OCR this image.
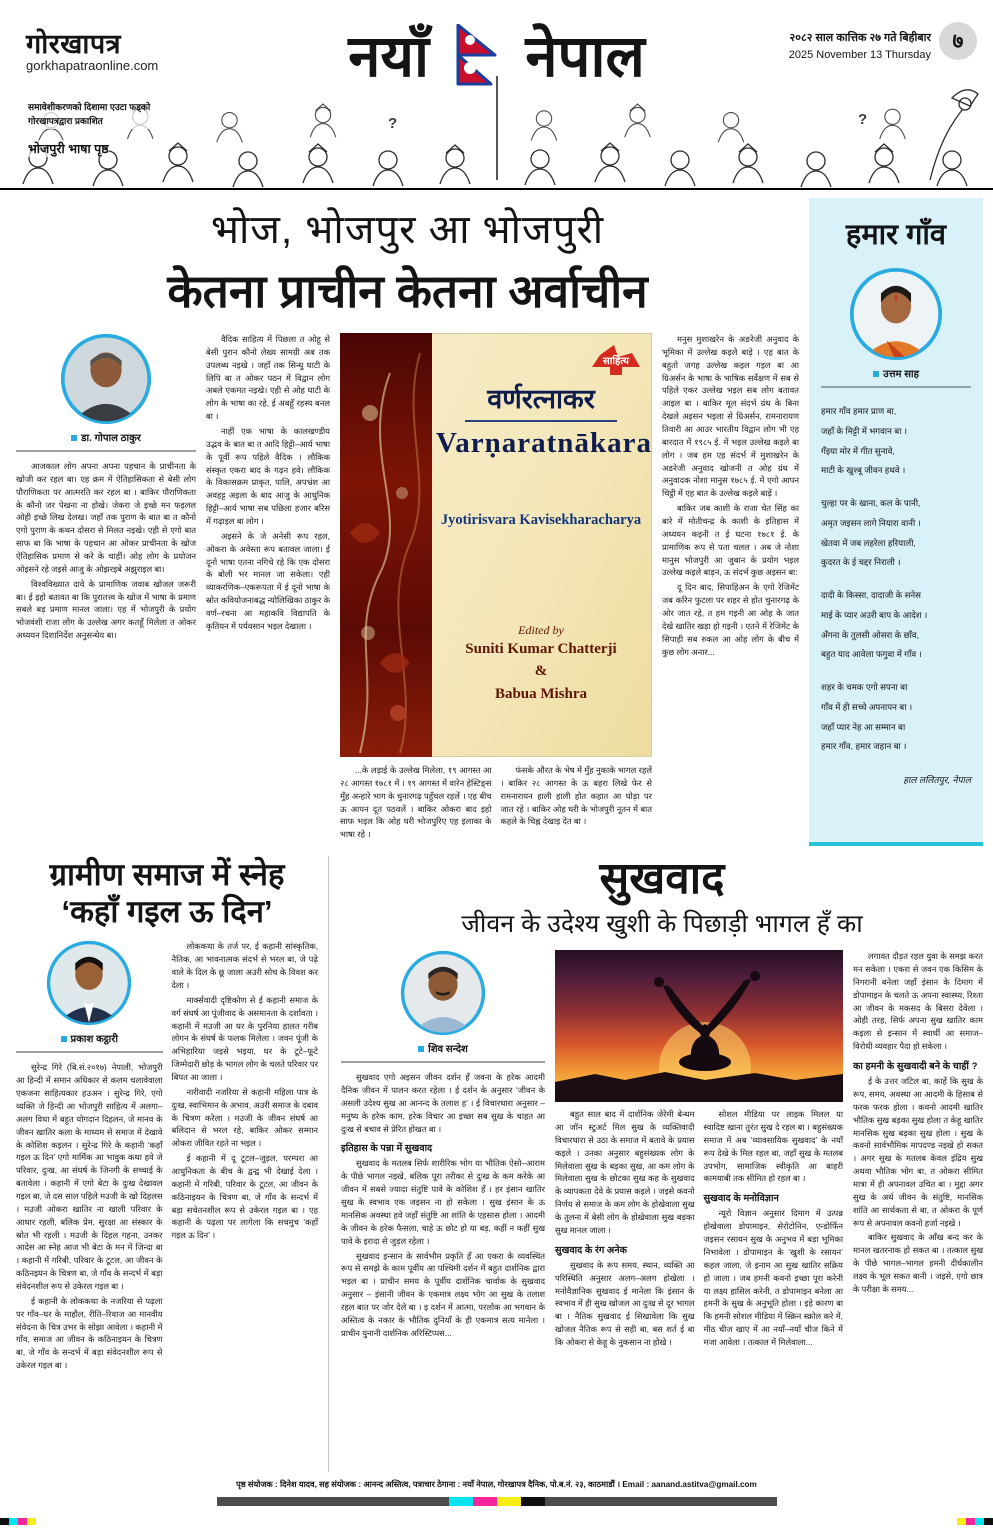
गोरखापत्र
gorkhapatraonline.com
समावेशीकरणको दिशामा एउटा फड्को
गोरखापत्रद्वारा प्रकाशित
भोजपुरी भाषा पृष्ठ
नयाँ नेपाल	२०८२ साल कात्तिक २७ गते बिहीबार
2025 November 13 Thursday
७
?	?
भोज, भोजपुर आ भोजपुरी
केतना प्राचीन केतना अर्वाचीन
डा. गोपाल ठाकुर

आजकाल लोग अपना अपना पहचान के प्राचीनता के खोजी कर रहल बा। एह क्रम में ऐतिहासिकता से बेसी लोग पौराणिकता पर आत्मरति कर रहल बा । बाकिर पौराणिकता के कौनो जर पेखना ना होखे। जेकरा जे इच्छे मन फइलल ओही इच्छे लिख देलख। जहाँ तक पुराण के बात बा त कौनो एगो पुराण के कथन दोसरा से मिलत नइखे। एही से एगो बात साफ बा कि भाषा के पहचान आ ओकर प्राचीनता के खोज ऐतिहासिक प्रमाण से करे के चाहीं। ओह लोग के प्रयोजन ओइसने रहे जइसे आजु के ओझरइबे अझुराइल बा।

विश्वविख्यात दावे के प्रामाणिक जवाब खोजल जरूरी बा। ई इहो बतावत बा कि पुरातत्त्व के खोज में भाषा के प्रमाण सबले बड़ प्रमाण मानल जाला। एह में भोजपुरी के प्रयोग भोजवंशी राजा लोग के उल्लेख अगर कतहूँ मिलेला त ओकर अध्ययन दिशानिर्देश अनुसन्धेय बा।

वैदिक साहित्य में पिछला त ओहू से बेसी पुरान कौनो लेख्य सामग्री अब तक उपलब्ध नइखे । जहाँ तक सिन्धु घाटी के लिपि बा त ओकर पठन में विद्वान लोग अबले एकमत नइखे। एही से ओह घाटी के लोग के भाषा का रहे, ई अबहूँ रहस्य बनल बा ।

नाहीं एक भाषा के कालखण्डीय उद्भव के बात बा त आदि हिट्टी–आर्य भाषा के पूर्वी रूप पहिले वैदिक । लौकिक संस्कृत एकरा बाद के गढ़न हवे। लौकिक के विकासक्रम प्राकृत, पालि, अपभ्रंश आ अवहट्ट अइला के बाद आजु के आधुनिक हिट्टी–आर्य भाषा सब पछिला हजार बरिस में गढ़ाइल बा लोग ।

अइसने के जे अनेसी रूप रहल, ओकरा के अवेस्ता रूप बतावल जाला। ई दूनो भाषा एतना नगिचे रहे कि एक दोसरा के बोली भर मानल जा सकेला। एही व्याकरणिक–एकरूपता में ई दूनो भाषा के स्रोत कवियोजनाबद्ध न्योलिखिका ठाकुर के वर्ण–रचना आ महाकवि विद्यापति के कृतियन में पर्यवसान भइल देखाला ।

साहित्य
वर्णरत्नाकर
Varṇaratnākara
Jyotirisvara Kavisekharacharya
Edited by
Suniti Kumar Chatterji
&
Babua Mishra

...के लड़ाई के उल्लेख मिलेला, १९ आगस्त आ २८ आगस्त १७८१ में । १९ आगस्त में वारेन हेस्टिङ्स मुँह अन्हारे भाग के चुनारगढ़ पहुँचल रहलें । एह बीच ऊ आपन दूत पठवलें । बाकिर ओकरा बाद इहो साफ भइल कि ओह घरी भोजपुरिए एह इलाका के भाषा रहे ।

फंसके औरत के भेष में मुँह नुकाके भागल रहलें । बाकिर २८ आगस्त के ऊ बहरा लिखे फेर से रामनारायन हाली हाली होत कहात आ घोड़ा पर जात रहे । बाकिर ओह घरी के भोजपुरी नूतन में बात कहले के चिह्न देखाइ देत बा ।

मनुस मुशाखरेन के अङरेजी अनुवाद के भूमिका में उल्लेख कइले बाड़े । एह बात के बहुतो जगह उल्लेख कइल गइल बा आ ग्रिअर्सन के भाषा के भाषिक सर्वेक्षण में सब से पहिले एकर उल्लेख भइल सब लोग बतावत आइल बा । बाकिर मूल संदर्भ ग्रंथ के बिना देखले अइसन भइला से ग्रिअर्सन, रामनारायण तिवारी आ आउर भारतीय विद्वान लोग भी एह बारदात में १९८५ ई. में भइल उल्लेख कइले बा लोग । जब हम एह संदर्भ में मुशाखरेन के अङरेजी अनुवाद खोजनी त ओह ग्रंथ में अनुवादक नोशा मानुस १७८५ ई. में एगो आपन चिट्ठी में एह बात के उल्लेख कइले बाड़ें ।

बाकिर जब काशी के राजा चेत सिंह का बारे में मोतीचन्द्र के काशी के इतिहास में अध्ययन कइनी त ई घटना १७८१ ई. के प्रामाणिक रूप से पता चलल । अब जे नोशा मानुस भोजपुरी आ जुबान के प्रयोग भइल उल्लेख कइले बाड़न, ऊ संदर्भ कुछ अइसन बा:

दू दिन बाद, सिपाहिअन के एगो रेजिमेंट जब करिन फुटला पर शहर से होत चुनारगढ़ के ओर जात रहे, त हम गइनी आ ओह के जात देखे खातिर खड़ा हो गइनी । एतने में रेजिमेंट के सिपाही सब रुकल आ ओह लोग के बीच में कुछ लोग अनार...

हमार गाँव
उत्तम साह
हमार गाँव हमार प्राण बा,
जहाँ के मिट्टी में भगवान बा ।
गँइया मोर में गीत सुनावे,
माटी के खुश्बू जीवन हथवे ।
चुल्हा पर के खाना, कल के पानी,
अमृत जइसन लागे नियारा वानी ।
खेतवा में जब लहरेला हरियाली,
कुदरत के ई चद्दर निराली ।
दादी के किस्सा, दादाजी के सनेस
माई के प्यार अउरी बाप के आदेश ।
अँगना के तुलसी ओसरा के छाँव,
बहुत याद आवेला फगुवा में गाँव ।
शहर के चमक एगो सपना बा
गाँव में ही सच्चे अपनापन बा ।
जहाँ प्यार नेह आ सम्मान बा
हमार गाँव, हमार जहान बा ।
हाल ललितपुर, नेपाल
ग्रामीण समाज में स्नेह
‘कहाँ गइल ऊ दिन’
प्रकाश कट्ठारी

सुरेन्द्र गिरे (बि.सं.२०१७) नेपाली, भोजपुरी आ हिन्दी में समान अधिकार से कलम चलावेवाला एकजना साहित्यकार हउअन । सुरेन्द्र गिरे, एगो व्यक्ति जे हिन्दी आ भोजपुरी साहित्य में अलगा–अलग विधा में बहुत योगदान दिहलन, जे मानव के जीवन खातिर कला के माध्यम से समाज में देखावे के कोशिश कइलन । सुरेन्द्र गिरे के कहानी ‘कहाँ गइल ऊ दिन’ एगो मार्मिक आ भावुक कथा हवे जे परिवार, दुःख, आ संघर्ष के जिनगी के सच्चाई के बतावेला । कहानी में एगो बेटा के दुःख देखावल गइल बा, जे दस साल पहिले मउजी के खो दिहलस । मउजी ओकरा खातिर ना खाली परिवार के आधार रहली, बलिक प्रेम, सुरक्षा आ संस्कार के स्रोत भी रहली । मउजी के दिहल गहना, उनकर आदेस आ स्नेह आज भी बेटा के मन में जिन्दा बा । कहानी में गरिबी, परिवार के टूटल, आ जीवन के कठिनइयन के चित्रण बा, जे गाँव के सन्दर्भ में बड़ा संवेदनशील रूप से उकेरल गइल बा ।

ई कहानी के लोककथा के नजरिया से पढ़ला पर गाँव–घर के माहौल, रीति–रिवाज आ मानवीय संवेदना के चित्र उभर के सोझा आवेला । कहानी में गाँव, समाज आ जीवन के कठिनाइयन के चित्रण बा, जे गाँव के सन्दर्भ में बड़ा संवेदनशील रूप से उकेरल गइल बा ।

लोककथा के तर्ज पर, ई कहानी सांस्कृतिक, नैतिक, आ भावनात्मक संदर्भ से भरल बा, जे पढ़े वाले के दिल के छू जाला अउरी सोच के विवश कर देला ।

मार्क्सवादी दृष्टिकोण से ई कहानी समाज के वर्ग संघर्ष आ पूंजीवाद के असमानता के दर्शावता । कहानी में मउजी आ घर के पुरनिया हालत गरीब लोगन के संघर्ष के फलक मिलेला । जवन पूंजी के अभिहारिया जइसे भइया, घर के टूटे–फूटे जिम्मेदारी छोड़ के भागल लोग के चलते परिवार पर बिपत आ जाला ।

नारीवादी नजरिया से कहानी महिला पात्र के दुःख, स्वाभिमान के अभाव, अउरी समाज के दबाव के चित्रण करेला । मउजी के जीवन संघर्ष आ बलिदान से भरल रहे, बाकिर ओकर सम्मान ओकरा जीवित रहते ना भइल ।

ई कहानी में दू टूटल–जुड़ल, परम्परा आ आधुनिकता के बीच के द्वन्द्व भी देखाई देला । कहानी में गरिबी, परिवार के टूटल, आ जीवन के कठिनाइयन के चित्रण बा, जे गाँव के सन्दर्भ में बड़ा सचेतनशील रूप से उकेरल गइल बा । एह कहानी के पढ़ला पर लागेला कि सचमुच ‘कहाँ गइल ऊ दिन’ ।

सुखवाद
जीवन के उदेश्य खुशी के पिछाड़ी भागल हँ का
शिव सन्देश

सुखवाद एगो अइसन जीवन दर्शन हँ जवना के हरेक आदमी दैनिक जीवन में पालन करत रहेला । ई दर्शन के अनुसार ‘जीवन के असली उदेश्य सुख आ आनन्द के तलाश ह’ । ई विचारधारा अनुसार – मनुष्य के हरेक काम, हरेक विचार आ इच्छा सब सुख के चाहत आ दुःख से बचाव से प्रेरित होखत बा ।

इतिहास के पन्ना में सुखवाद

सुखवाद के मतलब सिर्फ शारीरिक भोग या भौतिक ऐसो–आराम के पीछे भागल नइखे, बलिक पूरा तरीका से दुःख के कम करेके आ जीवन में सबसे ज्यादा संतुष्टि पावे के कोशिश हँ । हर इंसान खातिर सुख के स्वभाव एक जइसन ना हो सकेला । सुख इंसान के ऊ मानसिक अवस्था हवे जहाँ संतुष्टि आ शांति के एहसास होला । आदमी के जीवन के हरेक फैसला, चाहे ऊ छोट हो या बड़, कहीं न कहीं सुख पावे के इरादा से जुड़ल रहेला ।

सुखवाद इन्सान के सार्वभौम प्रकृति हँ आ एकरा के व्यवस्थित रूप से समझे के काम पूर्वीय आ पश्चिमी दर्शन में बहुत दार्शनिक द्वारा भइल बा । प्राचीन समय के पूर्वीय दार्शनिक चार्वाक के सुखवाद अनुसार – इंसानी जीवन के एकमात्र लक्ष्य भोग आ सुख के तलाश रहल बात पर जोर देले बा । इ दर्शन में आत्मा, परलोक आ भगवान के अस्तित्व के नकार के भौतिक दुनियाँ के ही एकमात्र सत्य मानेला । प्राचीन युनानी दार्शनिक अरिस्टिप्पस...

बहुत साल बाद में दार्शनिक जेरेमी बेन्थम आ जॉन स्टुअर्ट मिल सुख के व्यक्तिवादी विचारधारा से उठा के समाज में बतावे के प्रयास कइले । उनका अनुसार बहुसंख्यक लोग के मिलेवाला सुख के बड़का सुख, आ कम लोग के मिलेवाला सुख के छोटका सुख कह के सुखवाद के व्यापकता देवे के प्रयास कइले । जइसे कवनो निर्णय से समाज के कम लोग के होखेवाला सुख के तुलना में बेसी लोग के होखेवाला सुख बड़का सुख मानल जाला ।

सुखवाद के रंग अनेक

सुखवाद के रूप समय, स्थान, व्यक्ति आ परिस्थिति अनुसार अलग–अलग होखेला । मनोवैज्ञानिक सुखवाद ई मानेला कि इंसान के स्वभाव में ही सुख खोजल आ दुःख से दूर भागल बा । नैतिक सुखवाद ई सिखावेला कि सुख खोजल नैतिक रूप से सही बा, बस शर्त ई बा कि ओकरा से केहू के नुकसान ना होखे ।

सोशल मीडिया पर लाइक मिलल या स्वादिष्ट खाना तुरंत सुख दे रहल बा । बहुसंख्यक समाज में अब ‘व्यावसायिक सुखवाद’ के नयाँ रूप देखे के मिल रहल बा, जहाँ सुख के मतलब उपभोग, सामाजिक स्वीकृति आ बाहरी कामयाबी तक सीमित हो रहल बा ।

सुखवाद के मनोविज्ञान

न्यूरो विज्ञान अनुसार दिमाग में उत्पन्न होखेवाला डोपामाइन, सेरोटोनिन, एन्डोर्फिन जइसन रसायन सुख के अनुभव में बड़ा भूमिका निभावेला । डोपामाइन के ‘खुशी के रसायन’ कहल जाला, जे इनाम आ सुख खातिर सक्रिय हो जाला । जब हमनी कवनो इच्छा पूरा करेनी या लक्ष्य हासिल करेनी, त डोपामाइन बनेला आ हमनी के सुख के अनुभूति होला । इहे कारण बा कि हमनी सोशल मीडिया में स्क्रिन स्क्रोल करे में, मीठ चीज खाए में आ नयाँ–नयाँ चीज किने में मजा आवेला । तत्काल में मिलेवाला...

लगावत दौड़त रहल युवा के समझ करत मन सकेला । एकरा से जवन एक किसिम के निगरानी बनेला जहाँ इंसान के दिमाग में डोपामाइन के चलते ऊ अपना स्वास्थ्य, रिश्ता आ जीवन के मकसद के बिसरा देवेला । ओही तरह, सिर्फ अपना सुख खातिर काम कइला से इन्सान में स्वार्थी आ समाज–विरोधी व्यवहार पैदा हो सकेला ।

का हमनी के सुखवादी बने के चाहीं ?

ई के उत्तर जटिल बा, काहें कि सुख के रूप, समय, अवस्था आ आदमी के हिसाब से फरक फरक होला । कवनो आदमी खातिर भौतिक सुख बड़का सुख होला त केहू खातिर मानसिक सुख बड़का सुख होला । सुख के कवनो सार्वभौमिक मापदण्ड नइखे हो सकत । अगर सुख के मतलब केवल इंद्रिय सुख अथवा भौतिक भोग बा, त ओकरा सीमित मात्रा में ही अपनावल उचित बा । मुद्दा अगर सुख के अर्थ जीवन के संतुष्टि, मानसिक शांति आ सार्थकता से बा, त ओकरा के पूर्ण रूप से अपनावल कवनो हर्जा नइखे ।

बाकिर सुखवाद के आँख बन्द कर के मानल खतरनाक हो सकत बा । तत्काल सुख के पीछे भागल–भागल हमनी दीर्घकालीन लक्ष्य के भूल सकत बानी । जइसे, एगो छात्र के परीक्षा के समय...

पृष्ठ संयोजक : दिनेश यादव, सह संयोजक : आनन्द अस्तित्व, पत्राचार ठेगाना : नयाँ नेपाल, गोरखापत्र दैनिक, पो.ब.नं. २३, काठमाडौं । Email : aanand.astitva@gmail.com
